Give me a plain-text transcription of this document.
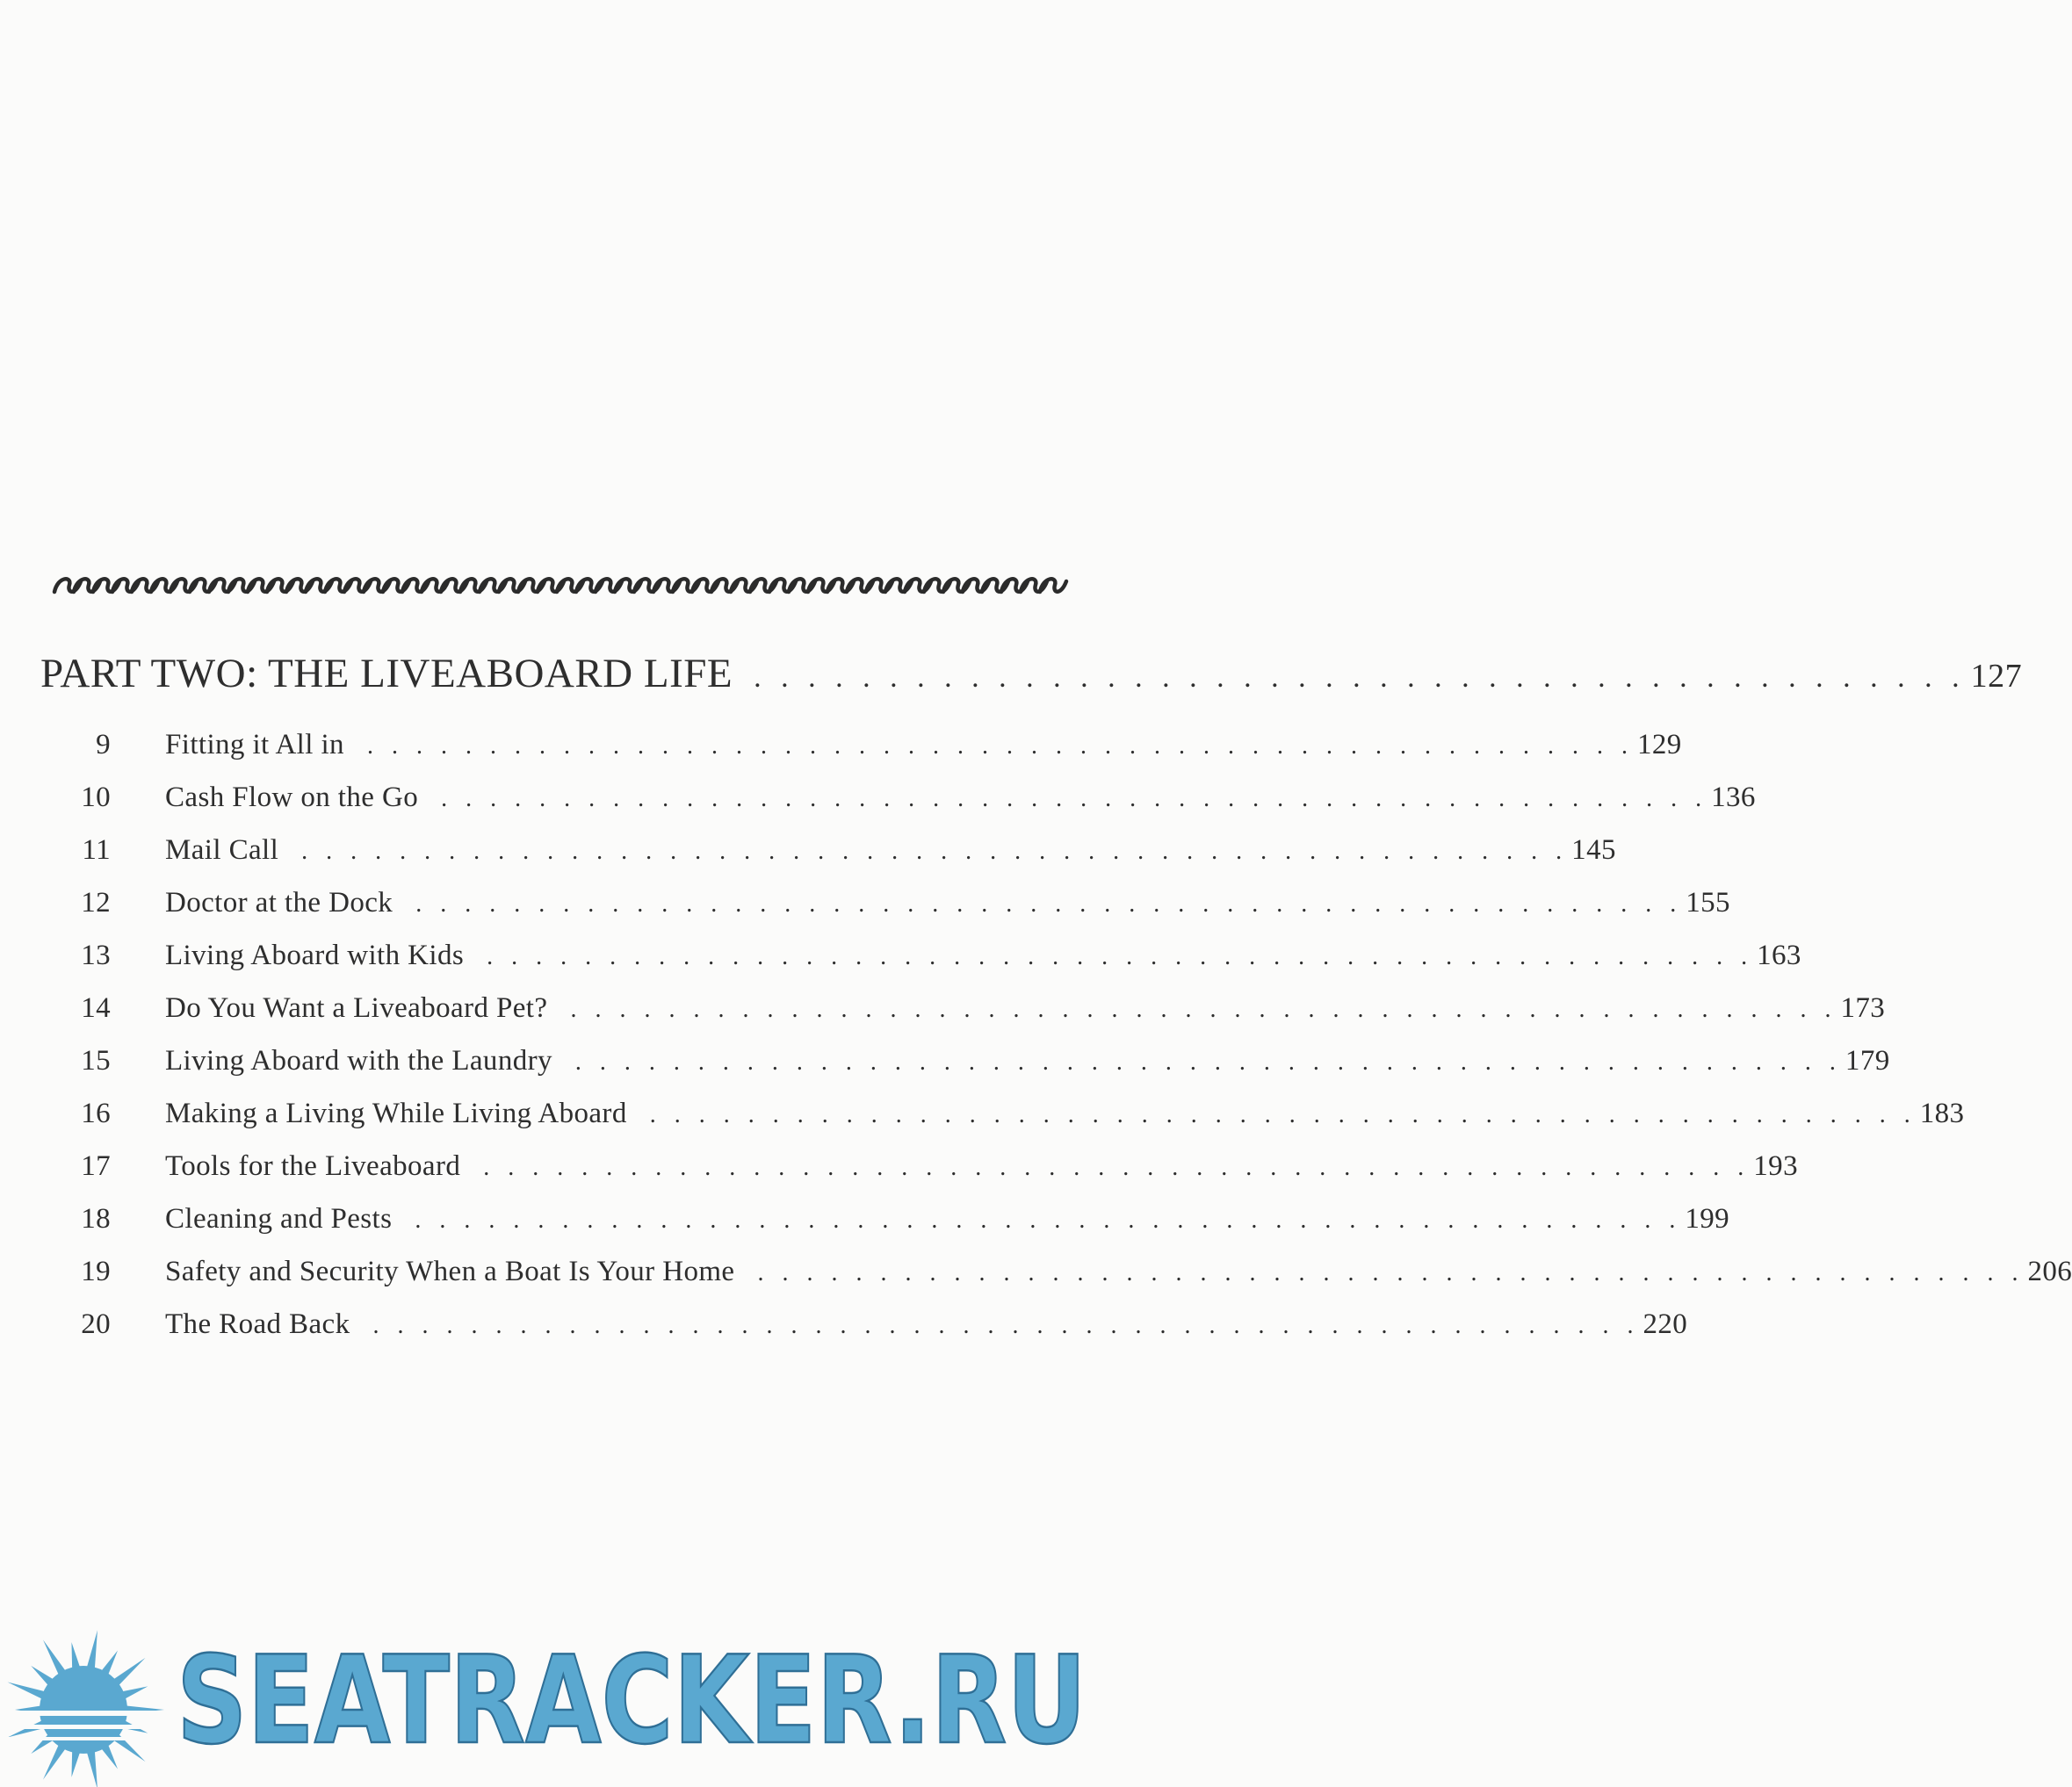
PART TWO: THE LIVEABOARD LIFE . . . . . . . . . . . . . . . . . . . . . . . . . . . . . . . . . . . . . . . . . . . . . 127
9 Fitting it All in . . . . . . . . . . . . . . . . . . . . . . . . . . . . . . . . . . . . . . . . . . . . . . . . . . . . 129
10 Cash Flow on the Go . . . . . . . . . . . . . . . . . . . . . . . . . . . . . . . . . . . . . . . . . . . . . . . . . . . . 136
11 Mail Call . . . . . . . . . . . . . . . . . . . . . . . . . . . . . . . . . . . . . . . . . . . . . . . . . . . . 145
12 Doctor at the Dock . . . . . . . . . . . . . . . . . . . . . . . . . . . . . . . . . . . . . . . . . . . . . . . . . . . . 155
13 Living Aboard with Kids . . . . . . . . . . . . . . . . . . . . . . . . . . . . . . . . . . . . . . . . . . . . . . . . . . . . 163
14 Do You Want a Liveaboard Pet? . . . . . . . . . . . . . . . . . . . . . . . . . . . . . . . . . . . . . . . . . . . . . . . . . . . . 173
15 Living Aboard with the Laundry . . . . . . . . . . . . . . . . . . . . . . . . . . . . . . . . . . . . . . . . . . . . . . . . . . . . 179
16 Making a Living While Living Aboard . . . . . . . . . . . . . . . . . . . . . . . . . . . . . . . . . . . . . . . . . . . . . . . . . . . . 183
17 Tools for the Liveaboard . . . . . . . . . . . . . . . . . . . . . . . . . . . . . . . . . . . . . . . . . . . . . . . . . . . . 193
18 Cleaning and Pests . . . . . . . . . . . . . . . . . . . . . . . . . . . . . . . . . . . . . . . . . . . . . . . . . . . . 199
19 Safety and Security When a Boat Is Your Home . . . . . . . . . . . . . . . . . . . . . . . . . . . . . . . . . . . . . . . . . . . . . . . . . . . . 206
20 The Road Back . . . . . . . . . . . . . . . . . . . . . . . . . . . . . . . . . . . . . . . . . . . . . . . . . . . . 220
SEATRACKER.RU
